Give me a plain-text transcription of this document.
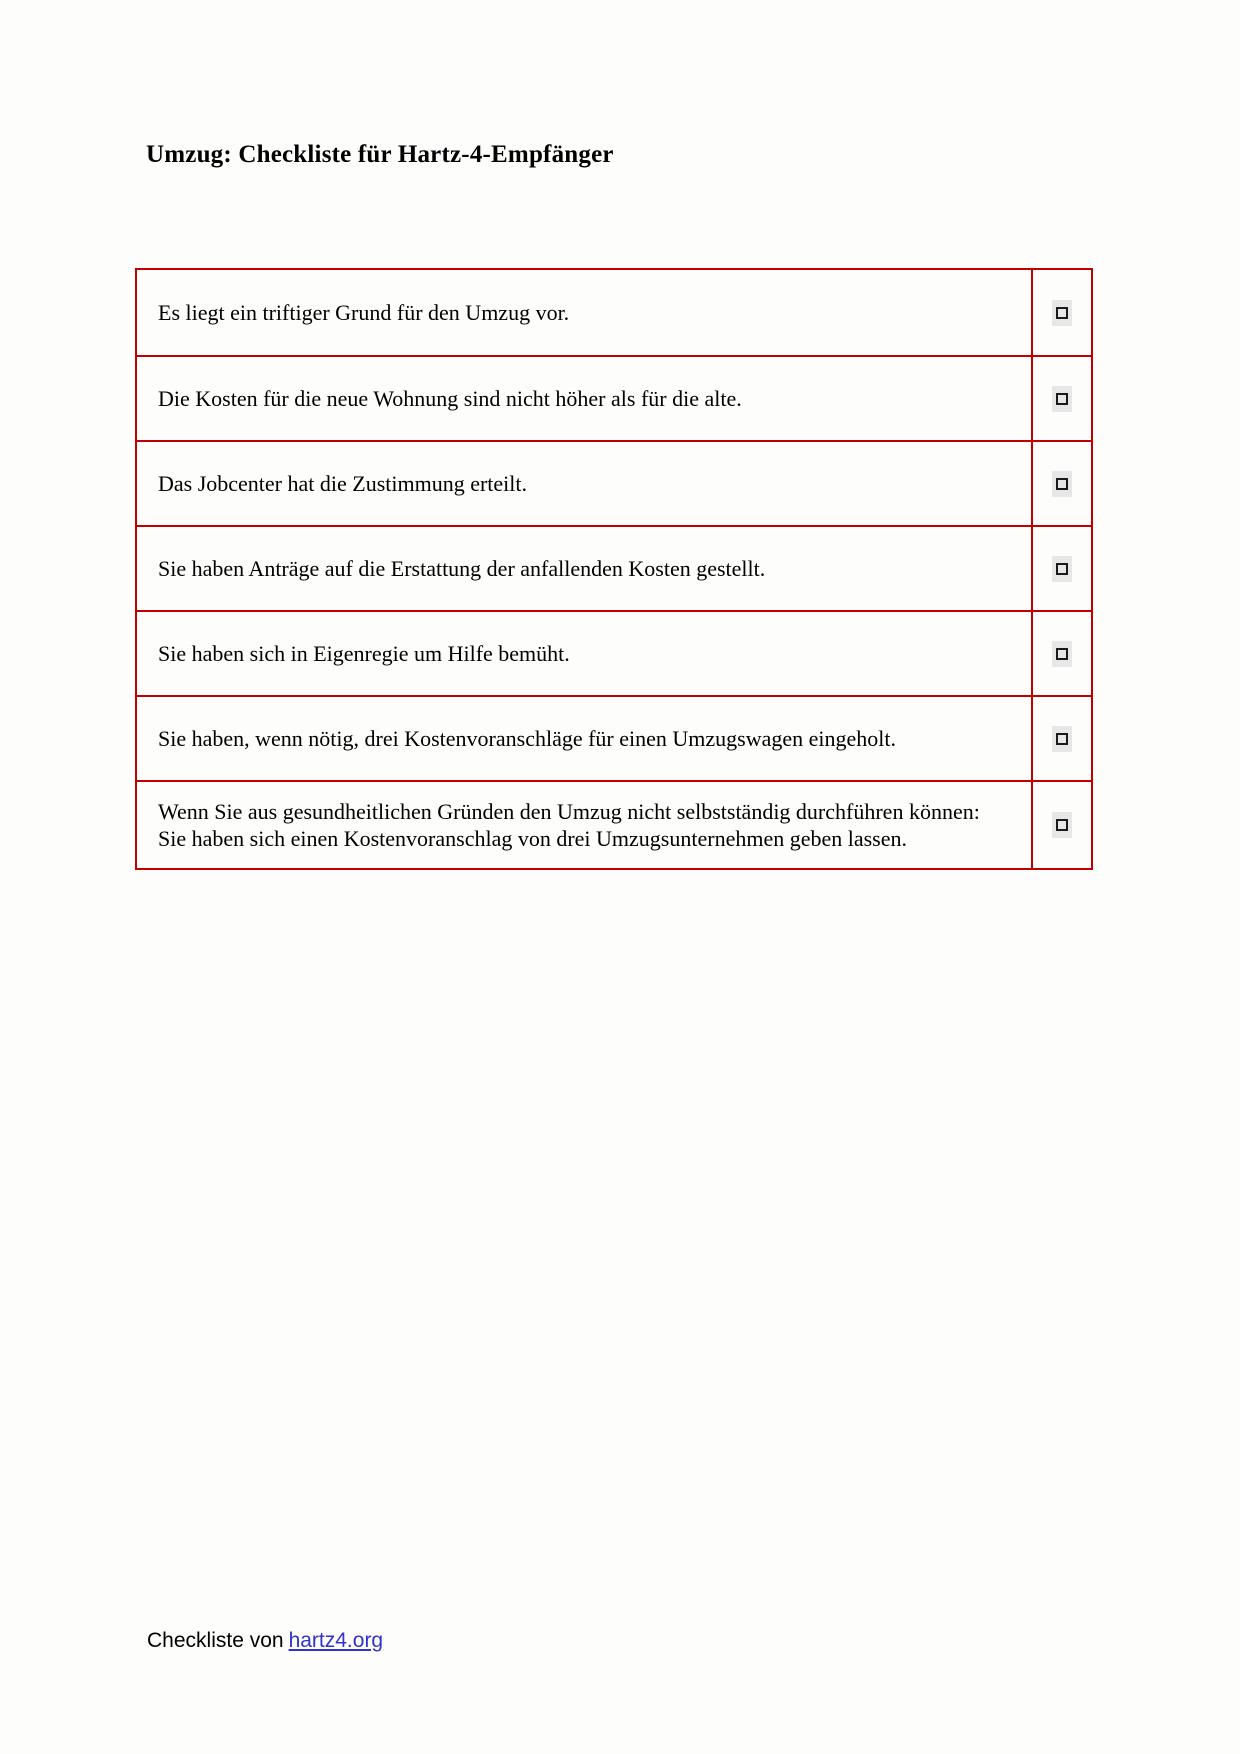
Umzug: Checkliste für Hartz-4-Empfänger
Es liegt ein triftiger Grund für den Umzug vor.
Die Kosten für die neue Wohnung sind nicht höher als für die alte.
Das Jobcenter hat die Zustimmung erteilt.
Sie haben Anträge auf die Erstattung der anfallenden Kosten gestellt.
Sie haben sich in Eigenregie um Hilfe bemüht.
Sie haben, wenn nötig, drei Kostenvoranschläge für einen Umzugswagen eingeholt.
Wenn Sie aus gesundheitlichen Gründen den Umzug nicht selbstständig durchführen können: Sie haben sich einen Kostenvoranschlag von drei Umzugsunternehmen geben lassen.
Checkliste von hartz4.org
